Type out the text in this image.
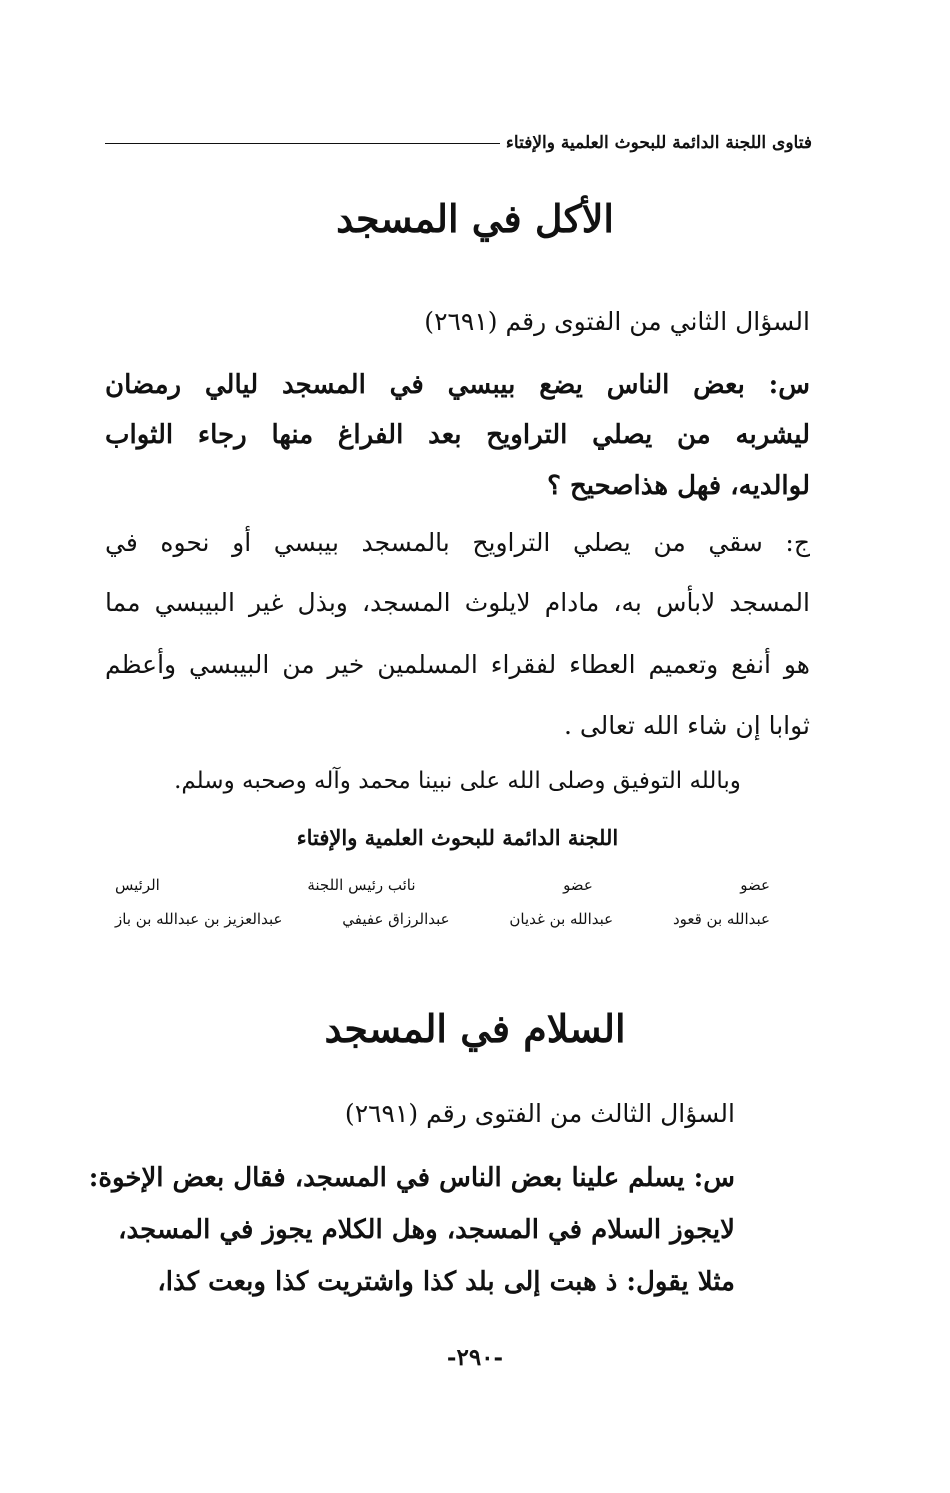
فتاوى اللجنة الدائمة للبحوث العلمية والإفتاء
الأكل في المسجد
السؤال الثاني من الفتوى رقم (٢٦٩١)
س: بعض الناس يضع بيبسي في المسجد ليالي رمضان
ليشربه من يصلي التراويح بعد الفراغ منها رجاء الثواب
لوالديه، فهل هذاصحيح ؟
ج: سقي من يصلي التراويح بالمسجد بيبسي أو نحوه في
المسجد لابأس به، مادام لايلوث المسجد، وبذل غير البيبسي مما
هو أنفع وتعميم العطاء لفقراء المسلمين خير من البيبسي وأعظم
ثوابا إن شاء الله تعالى .
وبالله التوفيق وصلى الله على نبينا محمد وآله وصحبه وسلم.
اللجنة الدائمة للبحوث العلمية والإفتاء
عضو
عضو
نائب رئيس اللجنة
الرئيس
عبدالله بن قعود
عبدالله بن غديان
عبدالرزاق عفيفي
عبدالعزيز بن عبدالله بن باز
السلام في المسجد
السؤال الثالث من الفتوى رقم (٢٦٩١)
س: يسلم علينا بعض الناس في المسجد، فقال بعض الإخوة:
لايجوز السلام في المسجد، وهل الكلام يجوز في المسجد،
مثلا يقول: ذ هبت إلى بلد كذا واشتريت كذا وبعت كذا،
-٢٩٠-
